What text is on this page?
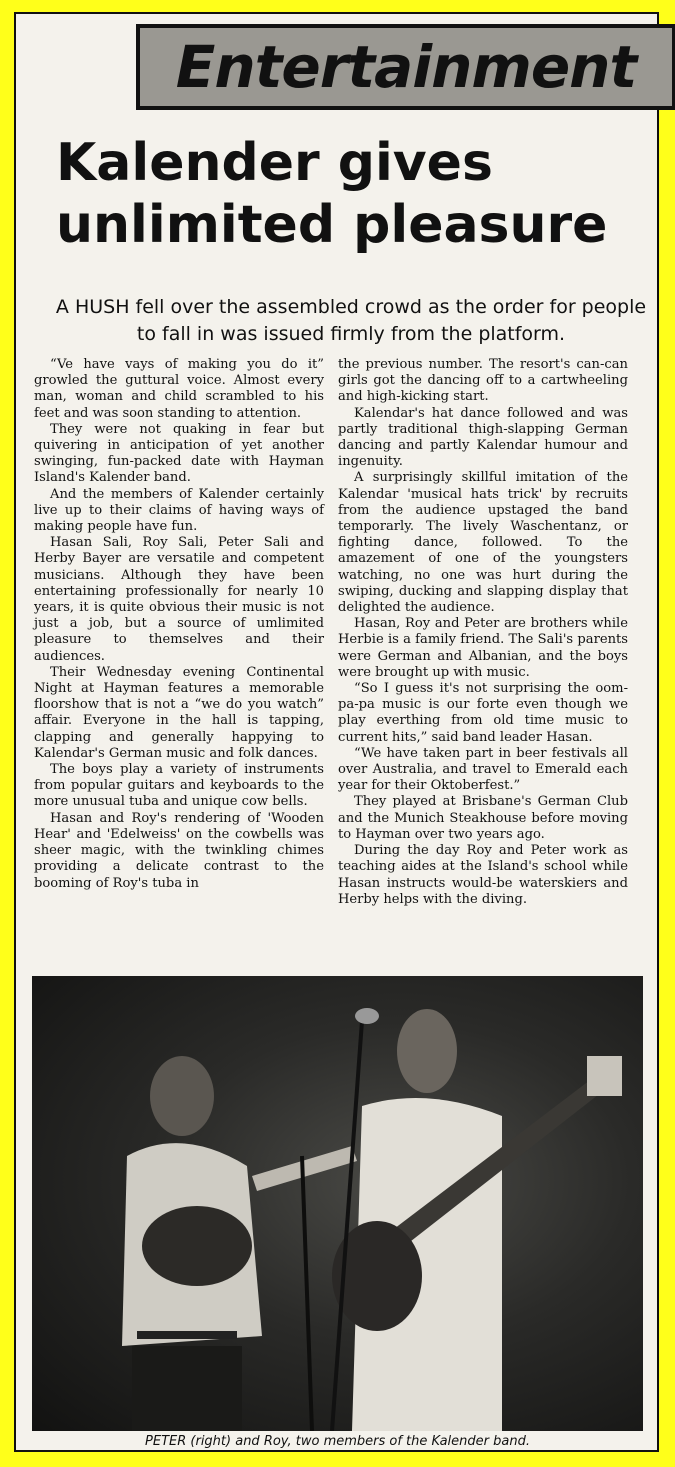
Entertainment
Kalender gives
unlimited pleasure

A HUSH fell over the assembled crowd as the order for people to fall in was issued firmly from the platform.

“Ve have vays of making you do it” growled the guttural voice. Almost every man, woman and child scrambled to his feet and was soon standing to attention.

They were not quaking in fear but quivering in anticipation of yet another swinging, fun-packed date with Hayman Island's Kalender band.

And the members of Kalender certainly live up to their claims of having ways of making people have fun.

Hasan Sali, Roy Sali, Peter Sali and Herby Bayer are versatile and competent musicians. Although they have been entertaining professionally for nearly 10 years, it is quite obvious their music is not just a job, but a source of umlimited pleasure to themselves and their audiences.

Their Wednesday evening Continental Night at Hayman features a memorable floorshow that is not a “we do you watch” affair. Everyone in the hall is tapping, clapping and generally happying to Kalendar's German music and folk dances.

The boys play a variety of instruments from popular guitars and keyboards to the more unusual tuba and unique cow bells.

Hasan and Roy's rendering of 'Wooden Hear' and 'Edelweiss' on the cowbells was sheer magic, with the twinkling chimes providing a delicate contrast to the booming of Roy's tuba in

the previous number. The resort's can-can girls got the dancing off to a cartwheeling and high-kicking start.

Kalendar's hat dance followed and was partly traditional thigh-slapping German dancing and partly Kalendar humour and ingenuity.

A surprisingly skillful imitation of the Kalendar 'musical hats trick' by recruits from the audience upstaged the band temporarly. The lively Waschentanz, or fighting dance, followed. To the amazement of one of the youngsters watching, no one was hurt during the swiping, ducking and slapping display that delighted the audience.

Hasan, Roy and Peter are brothers while Herbie is a family friend. The Sali's parents were German and Albanian, and the boys were brought up with music.

“So I guess it's not surprising the oom-pa-pa music is our forte even though we play everthing from old time music to current hits,” said band leader Hasan.

“We have taken part in beer festivals all over Australia, and travel to Emerald each year for their Oktoberfest.”

They played at Brisbane's German Club and the Munich Steakhouse before moving to Hayman over two years ago.

During the day Roy and Peter work as teaching aides at the Island's school while Hasan instructs would-be waterskiers and Herby helps with the diving.

PETER (right) and Roy, two members of the Kalender band.
